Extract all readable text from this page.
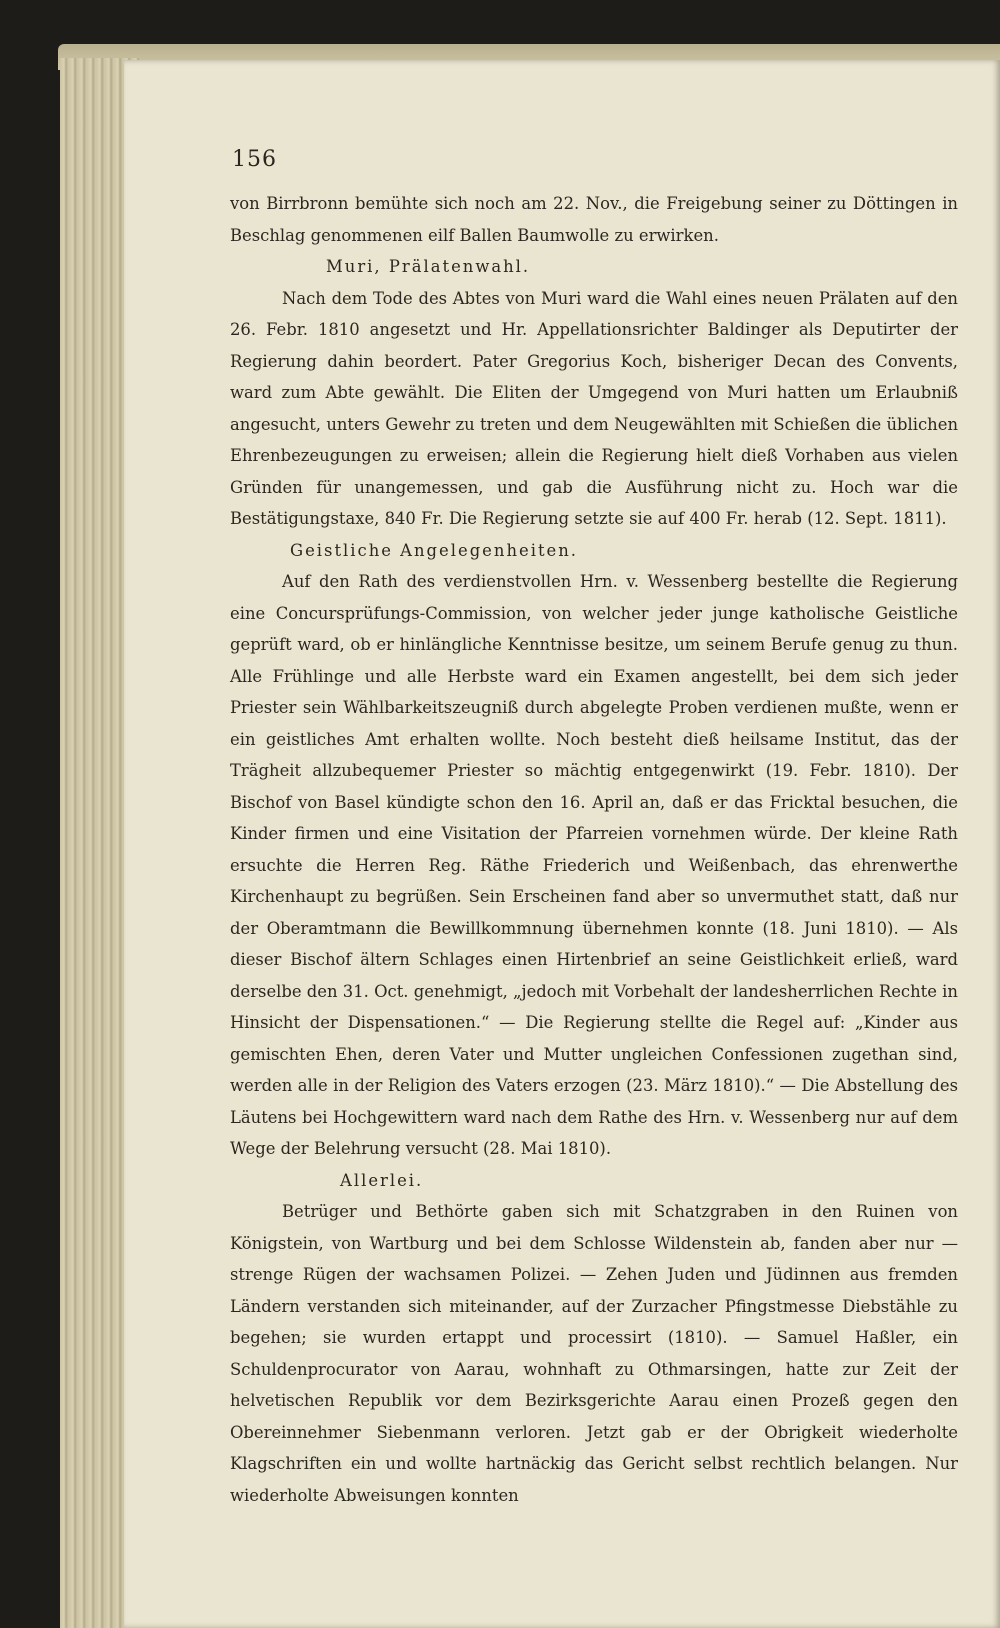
156

von Birrbronn bemühte sich noch am 22. Nov., die Freigebung seiner zu Döttingen in Beschlag genommenen eilf Ballen Baumwolle zu erwirken.

Muri, Prälatenwahl.

Nach dem Tode des Abtes von Muri ward die Wahl eines neuen Prälaten auf den 26. Febr. 1810 angesetzt und Hr. Appellationsrichter Baldinger als Deputirter der Regierung dahin beordert. Pater Gregorius Koch, bisheriger Decan des Convents, ward zum Abte gewählt. Die Eliten der Umgegend von Muri hatten um Erlaubniß angesucht, unters Gewehr zu treten und dem Neugewählten mit Schießen die üblichen Ehrenbezeugungen zu erweisen; allein die Regierung hielt dieß Vorhaben aus vielen Gründen für unangemessen, und gab die Ausführung nicht zu. Hoch war die Bestätigungstaxe, 840 Fr. Die Regierung setzte sie auf 400 Fr. herab (12. Sept. 1811).

Geistliche Angelegenheiten.

Auf den Rath des verdienstvollen Hrn. v. Wessenberg bestellte die Regierung eine Concursprüfungs-Commission, von welcher jeder junge katholische Geistliche geprüft ward, ob er hinlängliche Kenntnisse besitze, um seinem Berufe genug zu thun. Alle Frühlinge und alle Herbste ward ein Examen angestellt, bei dem sich jeder Priester sein Wählbarkeitszeugniß durch abgelegte Proben verdienen mußte, wenn er ein geistliches Amt erhalten wollte. Noch besteht dieß heilsame Institut, das der Trägheit allzubequemer Priester so mächtig entgegenwirkt (19. Febr. 1810). Der Bischof von Basel kündigte schon den 16. April an, daß er das Fricktal besuchen, die Kinder firmen und eine Visitation der Pfarreien vornehmen würde. Der kleine Rath ersuchte die Herren Reg. Räthe Friederich und Weißenbach, das ehrenwerthe Kirchenhaupt zu begrüßen. Sein Erscheinen fand aber so unvermuthet statt, daß nur der Oberamtmann die Bewillkommnung übernehmen konnte (18. Juni 1810). — Als dieser Bischof ältern Schlages einen Hirtenbrief an seine Geistlichkeit erließ, ward derselbe den 31. Oct. genehmigt, „jedoch mit Vorbehalt der landesherrlichen Rechte in Hinsicht der Dispensationen.“ — Die Regierung stellte die Regel auf: „Kinder aus gemischten Ehen, deren Vater und Mutter ungleichen Confessionen zugethan sind, werden alle in der Religion des Vaters erzogen (23. März 1810).“ — Die Abstellung des Läutens bei Hochgewittern ward nach dem Rathe des Hrn. v. Wessenberg nur auf dem Wege der Belehrung versucht (28. Mai 1810).

Allerlei.

Betrüger und Bethörte gaben sich mit Schatzgraben in den Ruinen von Königstein, von Wartburg und bei dem Schlosse Wildenstein ab, fanden aber nur — strenge Rügen der wachsamen Polizei. — Zehen Juden und Jüdinnen aus fremden Ländern verstanden sich miteinander, auf der Zurzacher Pfingstmesse Diebstähle zu begehen; sie wurden ertappt und processirt (1810). — Samuel Haßler, ein Schuldenprocurator von Aarau, wohnhaft zu Othmarsingen, hatte zur Zeit der helvetischen Republik vor dem Bezirksgerichte Aarau einen Prozeß gegen den Obereinnehmer Siebenmann verloren. Jetzt gab er der Obrigkeit wiederholte Klagschriften ein und wollte hartnäckig das Gericht selbst rechtlich belangen. Nur wiederholte Abweisungen konnten
